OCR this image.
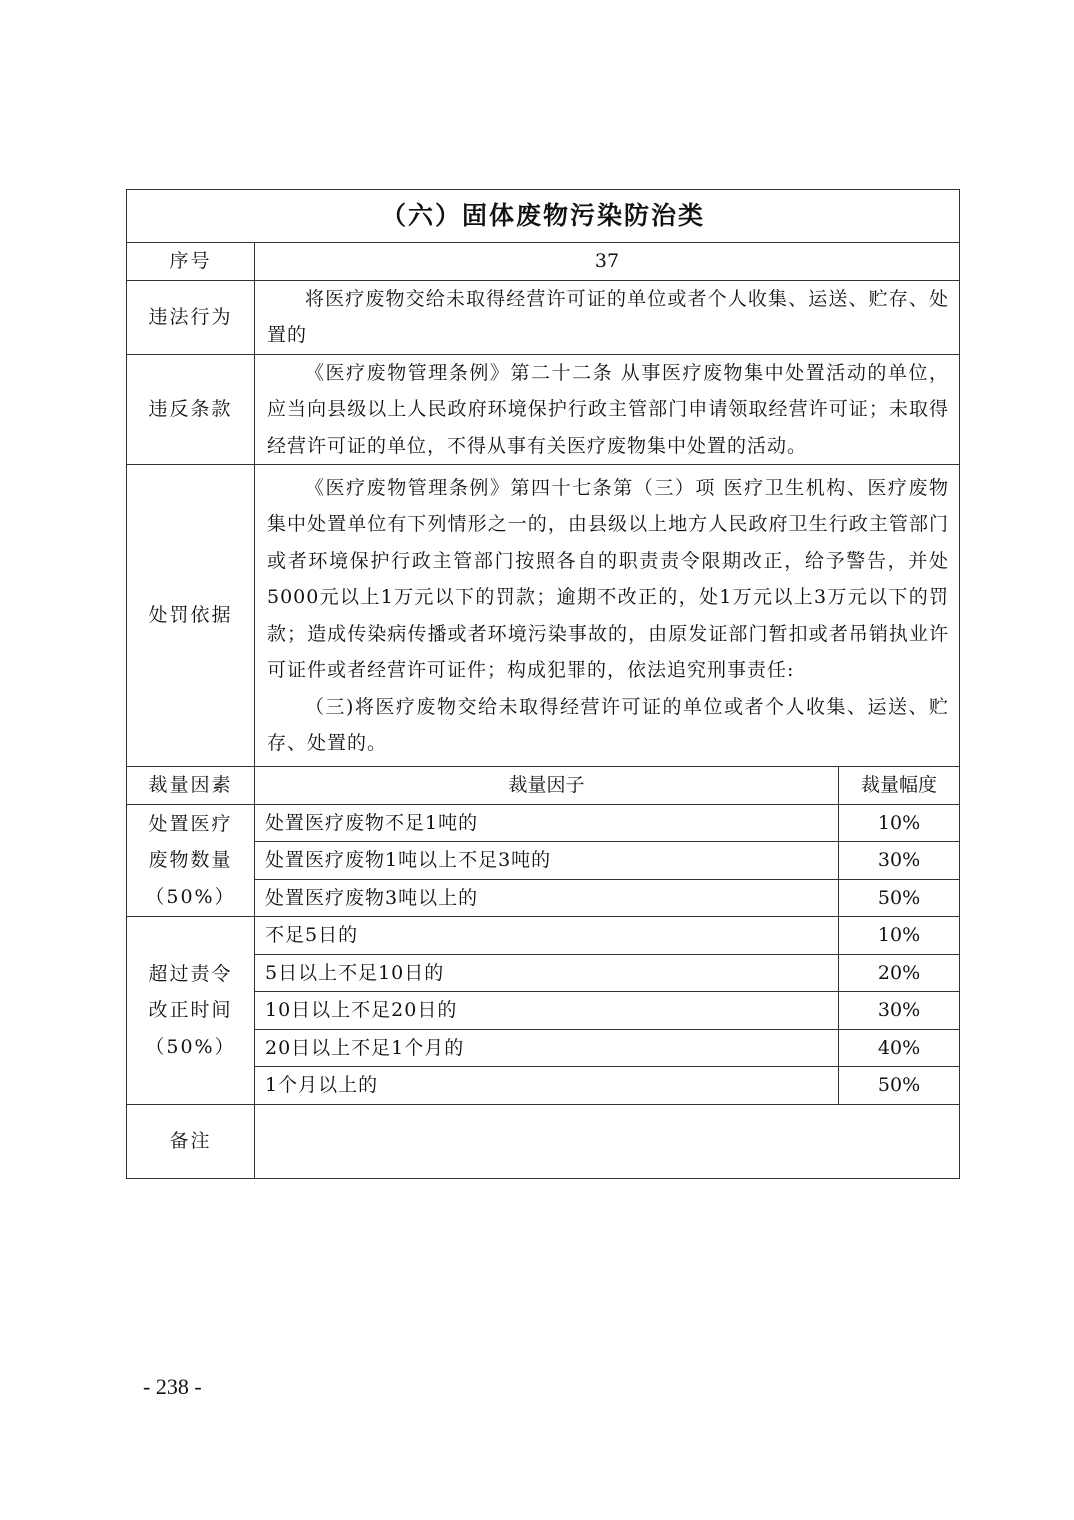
（六）固体废物污染防治类		
序号	37	
违法行为	将医疗废物交给未取得经营许可证的单位或者个人收集、运送、贮存、处置的	
违反条款	《医疗废物管理条例》第二十二条 从事医疗废物集中处置活动的单位，应当向县级以上人民政府环境保护行政主管部门申请领取经营许可证；未取得经营许可证的单位，不得从事有关医疗废物集中处置的活动。	
处罚依据	《医疗废物管理条例》第四十七条第（三）项 医疗卫生机构、医疗废物集中处置单位有下列情形之一的，由县级以上地方人民政府卫生行政主管部门或者环境保护行政主管部门按照各自的职责责令限期改正，给予警告，并处5000元以上1万元以下的罚款；逾期不改正的，处1万元以上3万元以下的罚款；造成传染病传播或者环境污染事故的，由原发证部门暂扣或者吊销执业许可证件或者经营许可证件；构成犯罪的，依法追究刑事责任:
（三)将医疗废物交给未取得经营许可证的单位或者个人收集、运送、贮存、处置的。	

裁量因素	裁量因子	裁量幅度

处置医疗
废物数量
（50%）	处置医疗废物不足1吨的	10%
	处置医疗废物1吨以上不足3吨的	30%
	处置医疗废物3吨以上的	50%

超过责令
改正时间
（50%）	不足5日的	10%
	5日以上不足10日的	20%
	10日以上不足20日的	30%
	20日以上不足1个月的	40%
	1个月以上的	50%
备注		
- 238 -
